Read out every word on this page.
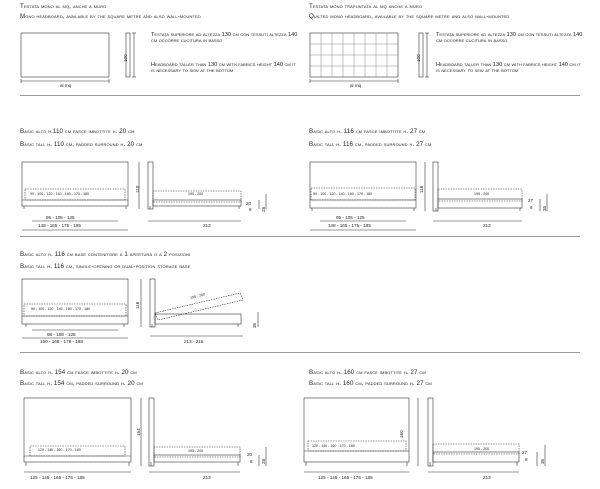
Testata mono al mq, anche a muro
Mono headboard, available by the square metre and also wall-mounted
Testata superiore ad altezza 130 cm con tessuti altezza 140 cm occorre cucitura in basso
Headboard taller than 130 cm with fabrics height 140 cm it is necessary to sew at the bottom
al mq
100
Testata mono trapuntata al mq anche a muro
Quilted mono headboard, available by the square metre and also wall-mounted
Testata superiore ad altezza 130 cm con tessuti altezza 140 cm occorre cucitura in basso
Headboard taller than 130 cm with fabrics height 140 cm it is necessary to sew at the bottom
al mq
100
Basic alto h.110 cm fasce imbottite h. 20 cm
Basic tall h. 110 cm, padded surround h. 20 cm
90 - 100 - 120 - 140 - 160 - 170 - 180	195 - 200
95 - 105 - 125
148 - 165 - 175 - 185
110
213
20
8 28
Basic alto h. 116 cm fasce imbottite h. 27 cm
Basic tall h. 116 cm, padded surround h. 27 cm
90 - 100 - 120 - 140 - 160 - 170 - 180	195 - 200
95 - 105 - 125
148 - 165 - 175 - 185
116
213
27
8 35
Basic alto h. 116 cm base contenitore a 1 apertura o a 2 posizioni
Basic tall h. 116 cm, single-opening or dual-position storage base
90 - 100 - 120 - 140 - 160 - 170 - 180
195 - 200
98 - 108 - 128
150 - 168 - 178 - 188
116
213 - 218
35
Basic alto h. 154 cm fasce imbottite h. 20 cm
Basic tall h. 154 cm, padded surround h. 20 cm
120 - 140 - 160 - 170 - 180	195 - 200
125 - 148 - 165 - 175 - 185
154
213
20
8 28
Basic alto h. 160 cm fasce imbottite h. 27 cm
Basic tall h. 160 cm, padded surround h. 27 cm
120 - 140 - 160 - 170 - 180
195 - 200
125 - 148 - 165 - 175 - 185
160
213
27
8	35
